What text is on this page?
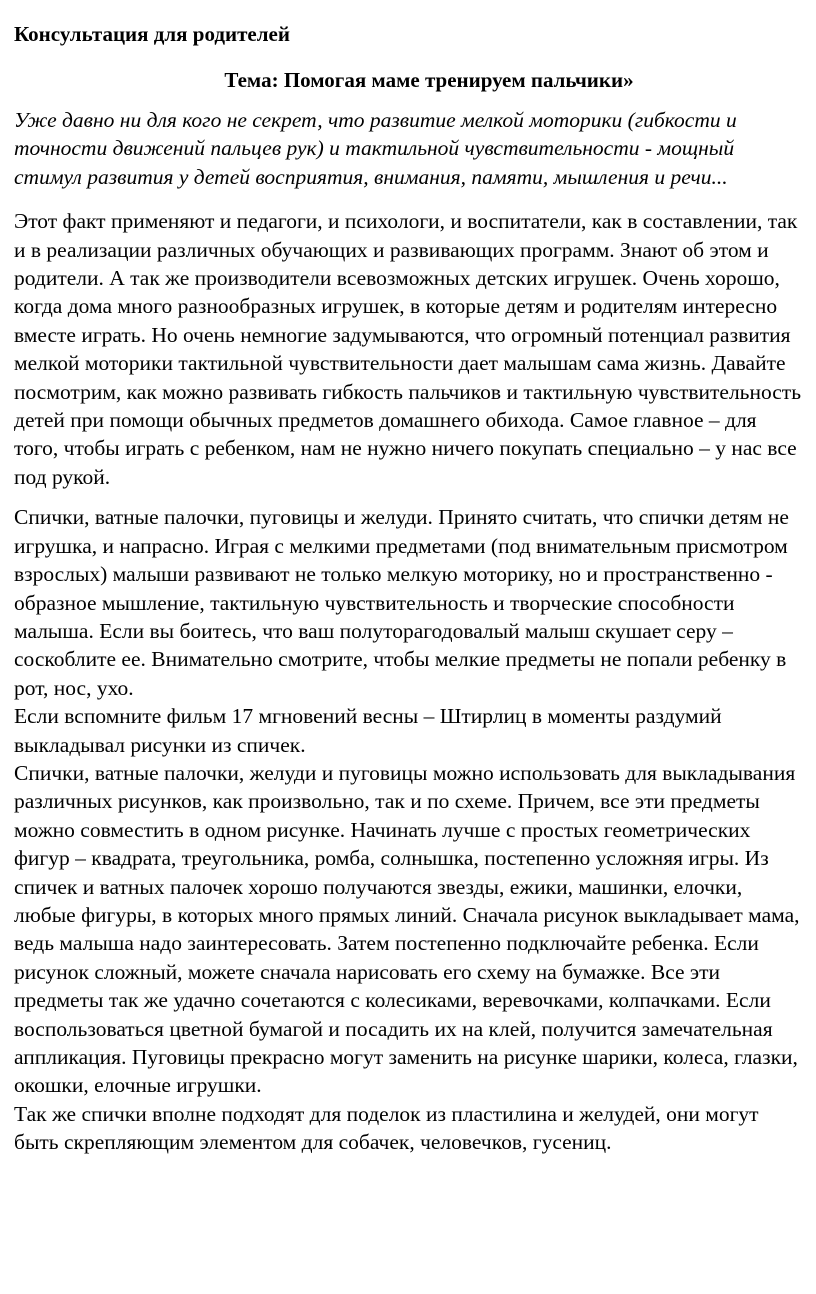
Консультация для родителей

Тема: Помогая маме тренируем пальчики»

Уже давно ни для кого не секрет, что развитие мелкой моторики (гибкости и точности движений пальцев рук) и тактильной чувствительности - мощный стимул развития у детей восприятия, внимания, памяти, мышления и речи...

Этот факт применяют и педагоги, и психологи, и воспитатели, как в составлении, так и в реализации различных обучающих и развивающих программ. Знают об этом и родители. А так же производители всевозможных детских игрушек. Очень хорошо, когда дома много разнообразных игрушек, в которые детям и родителям интересно вместе играть. Но очень немногие задумываются, что огромный потенциал развития мелкой моторики тактильной чувствительности дает малышам сама жизнь. Давайте посмотрим, как можно развивать гибкость пальчиков и тактильную чувствительность детей при помощи обычных предметов домашнего обихода. Самое главное – для того, чтобы играть с ребенком, нам не нужно ничего покупать специально – у нас все под рукой.

Спички, ватные палочки, пуговицы и желуди. Принято считать, что спички детям не игрушка, и напрасно. Играя с мелкими предметами (под внимательным присмотром взрослых) малыши развивают не только мелкую моторику, но и пространственно - образное мышление, тактильную чувствительность и творческие способности малыша. Если вы боитесь, что ваш полуторагодовалый малыш скушает серу – соскоблите ее. Внимательно смотрите, чтобы мелкие предметы не попали ребенку в рот, нос, ухо.

Если вспомните фильм 17 мгновений весны – Штирлиц в моменты раздумий выкладывал рисунки из спичек.

Спички, ватные палочки, желуди и пуговицы можно использовать для выкладывания различных рисунков, как произвольно, так и по схеме. Причем, все эти предметы можно совместить в одном рисунке. Начинать лучше с простых геометрических фигур – квадрата, треугольника, ромба, солнышка, постепенно усложняя игры. Из спичек и ватных палочек хорошо получаются звезды, ежики, машинки, елочки, любые фигуры, в которых много прямых линий. Сначала рисунок выкладывает мама, ведь малыша надо заинтересовать. Затем постепенно подключайте ребенка. Если рисунок сложный, можете сначала нарисовать его схему на бумажке. Все эти предметы так же удачно сочетаются с колесиками, веревочками, колпачками. Если воспользоваться цветной бумагой и посадить их на клей, получится замечательная аппликация. Пуговицы прекрасно могут заменить на рисунке шарики, колеса, глазки, окошки, елочные игрушки.

Так же спички вполне подходят для поделок из пластилина и желудей, они могут быть скрепляющим элементом для собачек, человечков, гусениц.
